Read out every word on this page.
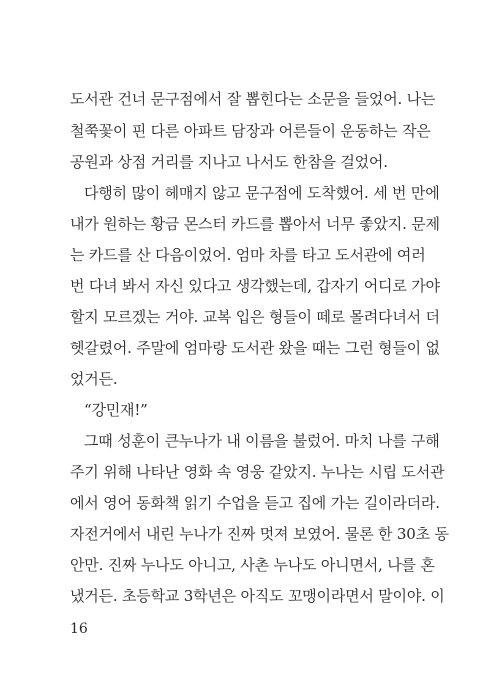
도서관 건너 문구점에서 잘 뽑힌다는 소문을 들었어. 나는
철쭉꽃이 핀 다른 아파트 담장과 어른들이 운동하는 작은
공원과 상점 거리를 지나고 나서도 한참을 걸었어.
다행히 많이 헤매지 않고 문구점에 도착했어. 세 번 만에
내가 원하는 황금 몬스터 카드를 뽑아서 너무 좋았지. 문제
는 카드를 산 다음이었어. 엄마 차를 타고 도서관에 여러
번 다녀 봐서 자신 있다고 생각했는데, 갑자기 어디로 가야
할지 모르겠는 거야. 교복 입은 형들이 떼로 몰려다녀서 더
헷갈렸어. 주말에 엄마랑 도서관 왔을 때는 그런 형들이 없
었거든.
“강민재!”
그때 성훈이 큰누나가 내 이름을 불렀어. 마치 나를 구해
주기 위해 나타난 영화 속 영웅 같았지. 누나는 시립 도서관
에서 영어 동화책 읽기 수업을 듣고 집에 가는 길이라더라.
자전거에서 내린 누나가 진짜 멋져 보였어. 물론 한 30초 동
안만. 진짜 누나도 아니고, 사촌 누나도 아니면서, 나를 혼
냈거든. 초등학교 3학년은 아직도 꼬맹이라면서 말이야. 이
16
